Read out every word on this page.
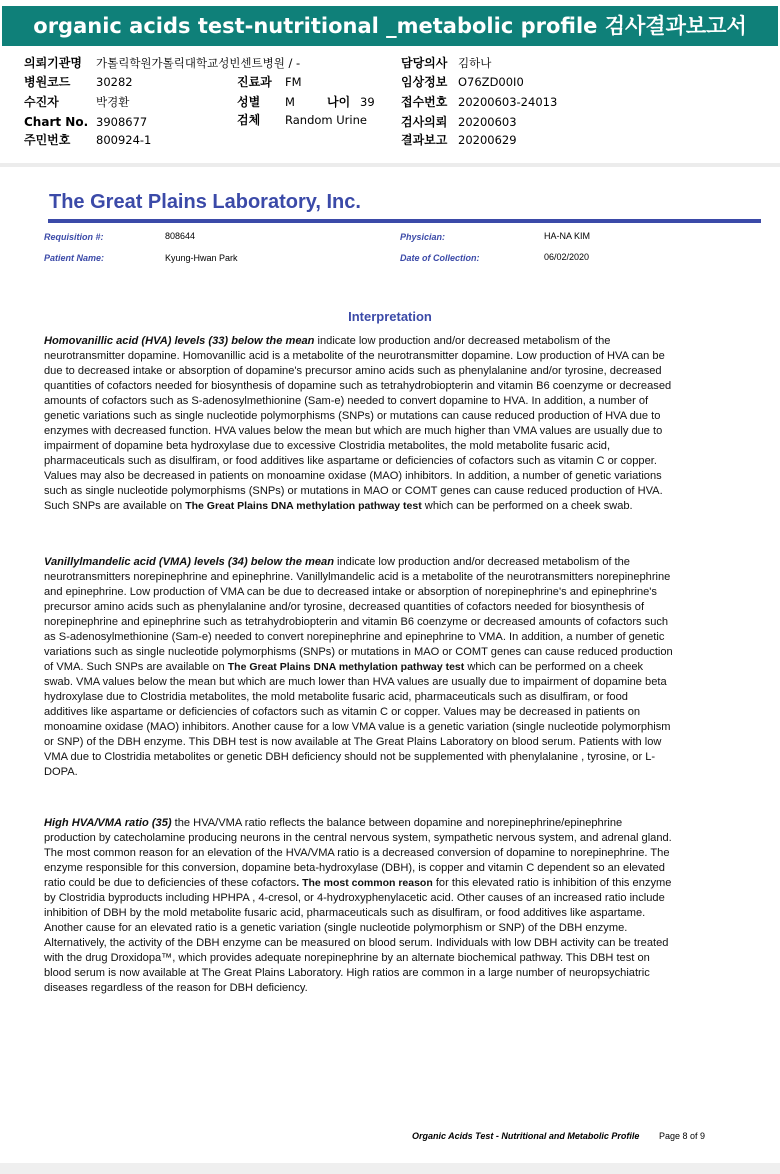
organic acids test-nutritional _metabolic profile 검사결과보고서
의뢰기관명 가톨릭학원가톨릭대학교성빈센트병원 / -
병원코드 30282
수진자	박경환
Chart No. 3908677
주민번호 800924-1
진료과 FM
성별 M	나이 39
검체 Random Urine
담당의사 김하나
임상정보 O76ZD00I0
접수번호 20200603-24013
검사의뢰 20200603
결과보고 20200629
The Great Plains Laboratory, Inc.
Requisition #:	808644
Patient Name:	Kyung-Hwan Park
Physician:	HA-NA KIM
Date of Collection:	06/02/2020
Interpretation

Homovanillic acid (HVA) levels (33) below the mean indicate low production and/or decreased metabolism of the neurotransmitter dopamine. Homovanillic acid is a metabolite of the neurotransmitter dopamine. Low production of HVA can be due to decreased intake or absorption of dopamine's precursor amino acids such as phenylalanine and/or tyrosine, decreased quantities of cofactors needed for biosynthesis of dopamine such as tetrahydrobiopterin and vitamin B6 coenzyme or decreased amounts of cofactors such as S-adenosylmethionine (Sam-e) needed to convert dopamine to HVA. In addition, a number of genetic variations such as single nucleotide polymorphisms (SNPs) or mutations can cause reduced production of HVA due to enzymes with decreased function. HVA values below the mean but which are much higher than VMA values are usually due to impairment of dopamine beta hydroxylase due to excessive Clostridia metabolites, the mold metabolite fusaric acid, pharmaceuticals such as disulfiram, or food additives like aspartame or deficiencies of cofactors such as vitamin C or copper. Values may also be decreased in patients on monoamine oxidase (MAO) inhibitors. In addition, a number of genetic variations such as single nucleotide polymorphisms (SNPs) or mutations in MAO or COMT genes can cause reduced production of HVA. Such SNPs are available on The Great Plains DNA methylation pathway test which can be performed on a cheek swab.

Vanillylmandelic acid (VMA) levels (34) below the mean indicate low production and/or decreased metabolism of the neurotransmitters norepinephrine and epinephrine. Vanillylmandelic acid is a metabolite of the neurotransmitters norepinephrine and epinephrine. Low production of VMA can be due to decreased intake or absorption of norepinephrine's and epinephrine's precursor amino acids such as phenylalanine and/or tyrosine, decreased quantities of cofactors needed for biosynthesis of norepinephrine and epinephrine such as tetrahydrobiopterin and vitamin B6 coenzyme or decreased amounts of cofactors such as S-adenosylmethionine (Sam-e) needed to convert norepinephrine and epinephrine to VMA. In addition, a number of genetic variations such as single nucleotide polymorphisms (SNPs) or mutations in MAO or COMT genes can cause reduced production of VMA. Such SNPs are available on The Great Plains DNA methylation pathway test which can be performed on a cheek swab. VMA values below the mean but which are much lower than HVA values are usually due to impairment of dopamine beta hydroxylase due to Clostridia metabolites, the mold metabolite fusaric acid, pharmaceuticals such as disulfiram, or food additives like aspartame or deficiencies of cofactors such as vitamin C or copper. Values may be decreased in patients on monoamine oxidase (MAO) inhibitors. Another cause for a low VMA value is a genetic variation (single nucleotide polymorphism or SNP) of the DBH enzyme. This DBH test is now available at The Great Plains Laboratory on blood serum. Patients with low VMA due to Clostridia metabolites or genetic DBH deficiency should not be supplemented with phenylalanine , tyrosine, or L-DOPA.

High HVA/VMA ratio (35) the HVA/VMA ratio reflects the balance between dopamine and norepinephrine/epinephrine production by catecholamine producing neurons in the central nervous system, sympathetic nervous system, and adrenal gland. The most common reason for an elevation of the HVA/VMA ratio is a decreased conversion of dopamine to norepinephrine. The enzyme responsible for this conversion, dopamine beta-hydroxylase (DBH), is copper and vitamin C dependent so an elevated ratio could be due to deficiencies of these cofactors. The most common reason for this elevated ratio is inhibition of this enzyme by Clostridia byproducts including HPHPA , 4-cresol, or 4-hydroxyphenylacetic acid. Other causes of an increased ratio include inhibition of DBH by the mold metabolite fusaric acid, pharmaceuticals such as disulfiram, or food additives like aspartame. Another cause for an elevated ratio is a genetic variation (single nucleotide polymorphism or SNP) of the DBH enzyme. Alternatively, the activity of the DBH enzyme can be measured on blood serum. Individuals with low DBH activity can be treated with the drug Droxidopa™, which provides adequate norepinephrine by an alternate biochemical pathway. This DBH test on blood serum is now available at The Great Plains Laboratory. High ratios are common in a large number of neuropsychiatric diseases regardless of the reason for DBH deficiency.

Organic Acids Test - Nutritional and Metabolic Profile Page 8 of 9
